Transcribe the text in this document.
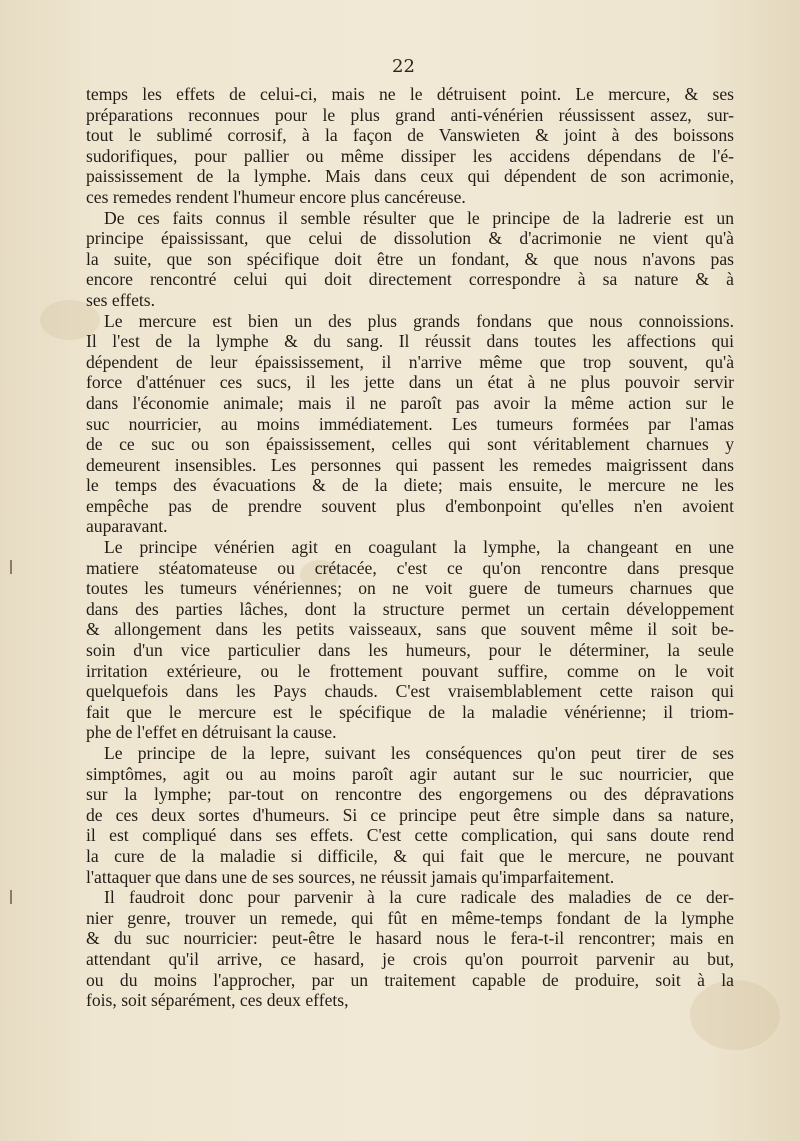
22
temps les effets de celui-ci, mais ne le détruisent point. Le mercure, & ses
préparations reconnues pour le plus grand anti-vénérien réussissent assez, sur-
tout le sublimé corrosif, à la façon de Vanswieten & joint à des boissons
sudorifiques, pour pallier ou même dissiper les accidens dépendans de l'é-
paississement de la lymphe. Mais dans ceux qui dépendent de son acrimonie,
ces remedes rendent l'humeur encore plus cancéreuse.
De ces faits connus il semble résulter que le principe de la ladrerie est un
principe épaississant, que celui de dissolution & d'acrimonie ne vient qu'à
la suite, que son spécifique doit être un fondant, & que nous n'avons pas
encore rencontré celui qui doit directement correspondre à sa nature & à
ses effets.
Le mercure est bien un des plus grands fondans que nous connoissions.
Il l'est de la lymphe & du sang. Il réussit dans toutes les affections qui
dépendent de leur épaississement, il n'arrive même que trop souvent, qu'à
force d'atténuer ces sucs, il les jette dans un état à ne plus pouvoir servir
dans l'économie animale; mais il ne paroît pas avoir la même action sur le
suc nourricier, au moins immédiatement. Les tumeurs formées par l'amas
de ce suc ou son épaississement, celles qui sont véritablement charnues y
demeurent insensibles. Les personnes qui passent les remedes maigrissent dans
le temps des évacuations & de la diete; mais ensuite, le mercure ne les
empêche pas de prendre souvent plus d'embonpoint qu'elles n'en avoient
auparavant.
Le principe vénérien agit en coagulant la lymphe, la changeant en une
matiere stéatomateuse ou crétacée, c'est ce qu'on rencontre dans presque
toutes les tumeurs vénériennes; on ne voit guere de tumeurs charnues que
dans des parties lâches, dont la structure permet un certain développement
& allongement dans les petits vaisseaux, sans que souvent même il soit be-
soin d'un vice particulier dans les humeurs, pour le déterminer, la seule
irritation extérieure, ou le frottement pouvant suffire, comme on le voit
quelquefois dans les Pays chauds. C'est vraisemblablement cette raison qui
fait que le mercure est le spécifique de la maladie vénérienne; il triom-
phe de l'effet en détruisant la cause.
Le principe de la lepre, suivant les conséquences qu'on peut tirer de ses
simptômes, agit ou au moins paroît agir autant sur le suc nourricier, que
sur la lymphe; par-tout on rencontre des engorgemens ou des dépravations
de ces deux sortes d'humeurs. Si ce principe peut être simple dans sa nature,
il est compliqué dans ses effets. C'est cette complication, qui sans doute rend
la cure de la maladie si difficile, & qui fait que le mercure, ne pouvant
l'attaquer que dans une de ses sources, ne réussit jamais qu'imparfaitement.
Il faudroit donc pour parvenir à la cure radicale des maladies de ce der-
nier genre, trouver un remede, qui fût en même-temps fondant de la lymphe
& du suc nourricier: peut-être le hasard nous le fera-t-il rencontrer; mais en
attendant qu'il arrive, ce hasard, je crois qu'on pourroit parvenir au but,
ou du moins l'approcher, par un traitement capable de produire, soit à la
fois, soit séparément, ces deux effets,
